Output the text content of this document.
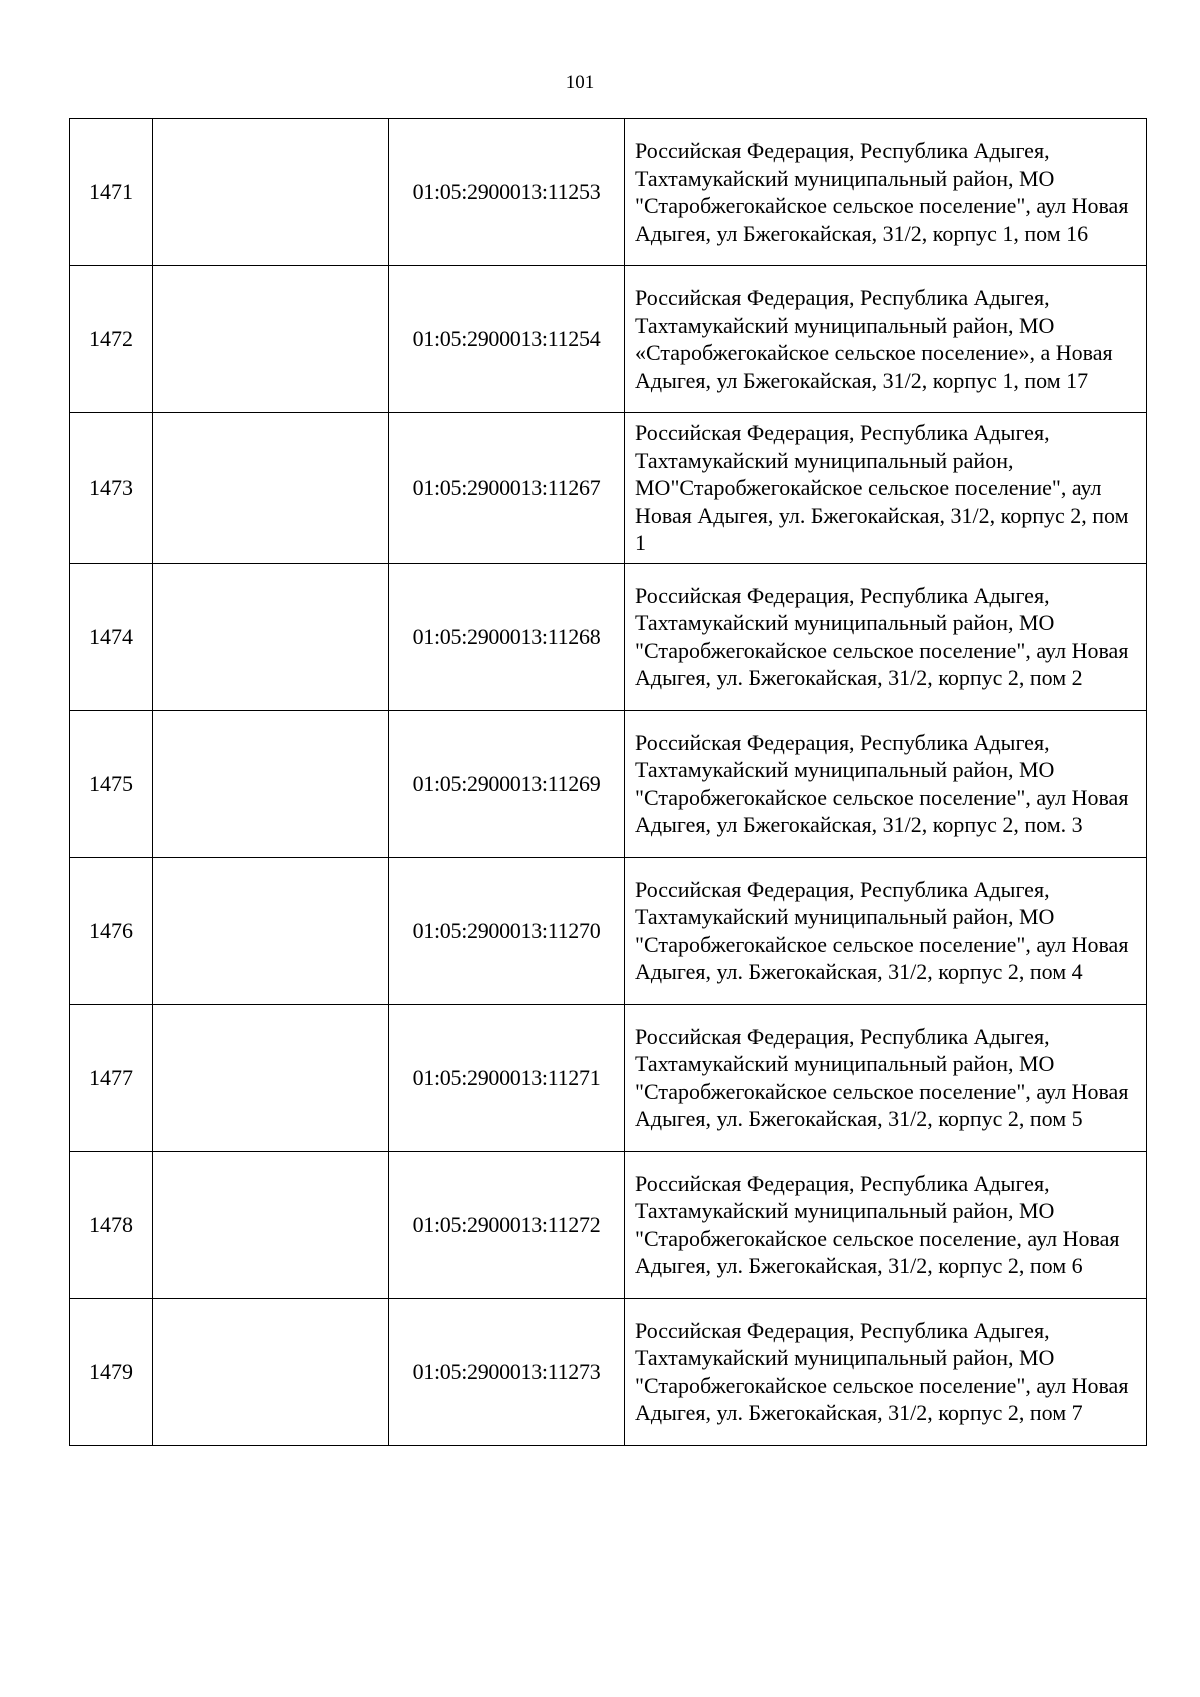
101
1471		01:05:2900013:11253	Российская Федерация, Республика Адыгея, Тахтамукайский муниципальный район, МО "Старобжегокайское сельское поселение", аул Новая Адыгея, ул Бжегокайская, 31/2, корпус 1, пом 16
1472		01:05:2900013:11254	Российская Федерация, Республика Адыгея, Тахтамукайский муниципальный район, МО «Старобжегокайское сельское поселение», а Новая Адыгея, ул Бжегокайская, 31/2, корпус 1, пом 17
1473		01:05:2900013:11267	Российская Федерация, Республика Адыгея, Тахтамукайский муниципальный район, МО"Старобжегокайское сельское поселение", аул Новая Адыгея, ул. Бжегокайская, 31/2, корпус 2, пом 1
1474		01:05:2900013:11268	Российская Федерация, Республика Адыгея, Тахтамукайский муниципальный район, МО "Старобжегокайское сельское поселение", аул Новая Адыгея, ул. Бжегокайская, 31/2, корпус 2, пом 2
1475		01:05:2900013:11269	Российская Федерация, Республика Адыгея, Тахтамукайский муниципальный район, МО "Старобжегокайское сельское поселение", аул Новая Адыгея, ул Бжегокайская, 31/2, корпус 2, пом. 3
1476		01:05:2900013:11270	Российская Федерация, Республика Адыгея, Тахтамукайский муниципальный район, МО "Старобжегокайское сельское поселение", аул Новая Адыгея, ул. Бжегокайская, 31/2, корпус 2, пом 4
1477		01:05:2900013:11271	Российская Федерация, Республика Адыгея, Тахтамукайский муниципальный район, МО "Старобжегокайское сельское поселение", аул Новая Адыгея, ул. Бжегокайская, 31/2, корпус 2, пом 5
1478		01:05:2900013:11272	Российская Федерация, Республика Адыгея, Тахтамукайский муниципальный район, МО "Старобжегокайское сельское поселение, аул Новая Адыгея, ул. Бжегокайская, 31/2, корпус 2, пом 6
1479		01:05:2900013:11273	Российская Федерация, Республика Адыгея, Тахтамукайский муниципальный район, МО "Старобжегокайское сельское поселение", аул Новая Адыгея, ул. Бжегокайская, 31/2, корпус 2, пом 7
